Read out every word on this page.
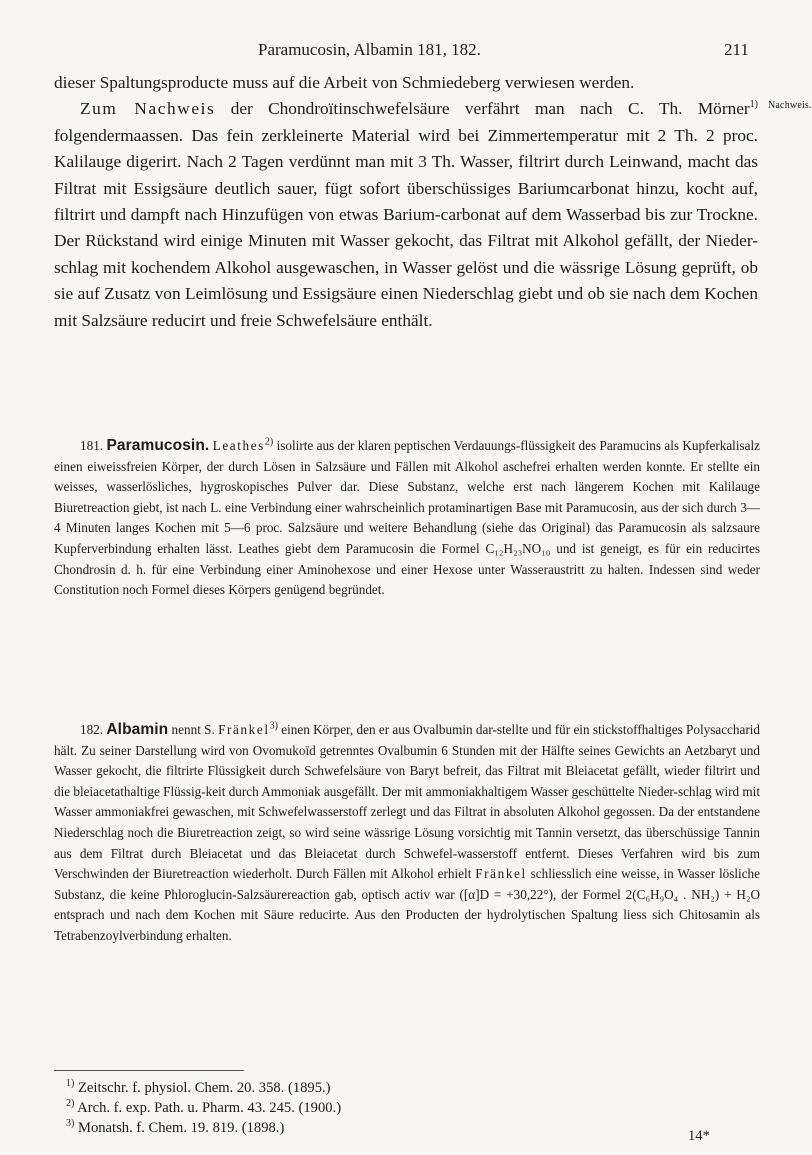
Paramucosin, Albamin 181, 182.	211
Nachweis.

dieser Spaltungsproducte muss auf die Arbeit von Schmiedeberg verwiesen werden.

Zum Nachweis der Chondroïtinschwefelsäure verfährt man nach C. Th. Mörner$^{1)}$ folgendermaassen. Das fein zerkleinerte Material wird bei Zimmertemperatur mit 2 Th. 2 proc. Kalilauge digerirt. Nach 2 Tagen verdünnt man mit 3 Th. Wasser, filtrirt durch Leinwand, macht das Filtrat mit Essigsäure deutlich sauer, fügt sofort überschüssiges Bariumcarbonat hinzu, kocht auf, filtrirt und dampft nach Hinzufügen von etwas Barium-carbonat auf dem Wasserbad bis zur Trockne. Der Rückstand wird einige Minuten mit Wasser gekocht, das Filtrat mit Alkohol gefällt, der Nieder-schlag mit kochendem Alkohol ausgewaschen, in Wasser gelöst und die wässrige Lösung geprüft, ob sie auf Zusatz von Leimlösung und Essigsäure einen Niederschlag giebt und ob sie nach dem Kochen mit Salzsäure reducirt und freie Schwefelsäure enthält.

181. Paramucosin. Leathes$^{2)}$ isolirte aus der klaren peptischen Verdauungs-flüssigkeit des Paramucins als Kupferkalisalz einen eiweissfreien Körper, der durch Lösen in Salzsäure und Fällen mit Alkohol aschefrei erhalten werden konnte. Er stellte ein weisses, wasserlösliches, hygroskopisches Pulver dar. Diese Substanz, welche erst nach längerem Kochen mit Kalilauge Biuretreaction giebt, ist nach L. eine Verbindung einer wahrscheinlich protaminartigen Base mit Paramucosin, aus der sich durch 3—4 Minuten langes Kochen mit 5—6 proc. Salzsäure und weitere Behandlung (siehe das Original) das Paramucosin als salzsaure Kupferverbindung erhalten lässt. Leathes giebt dem Paramucosin die Formel C₁₂H₂₃NO₁₀ und ist geneigt, es für ein reducirtes Chondrosin d. h. für eine Verbindung einer Aminohexose und einer Hexose unter Wasseraustritt zu halten. Indessen sind weder Constitution noch Formel dieses Körpers genügend begründet.
182. Albamin nennt S. Fränkel$^{3)}$ einen Körper, den er aus Ovalbumin dar-stellte und für ein stickstoffhaltiges Polysaccharid hält. Zu seiner Darstellung wird von Ovomukoïd getrenntes Ovalbumin 6 Stunden mit der Hälfte seines Gewichts an Aetzbaryt und Wasser gekocht, die filtrirte Flüssigkeit durch Schwefelsäure von Baryt befreit, das Filtrat mit Bleiacetat gefällt, wieder filtrirt und die bleiacetathaltige Flüssig-keit durch Ammoniak ausgefällt. Der mit ammoniakhaltigem Wasser geschüttelte Nieder-schlag wird mit Wasser ammoniakfrei gewaschen, mit Schwefelwasserstoff zerlegt und das Filtrat in absoluten Alkohol gegossen. Da der entstandene Niederschlag noch die Biuretreaction zeigt, so wird seine wässrige Lösung vorsichtig mit Tannin versetzt, das überschüssige Tannin aus dem Filtrat durch Bleiacetat und das Bleiacetat durch Schwefel-wasserstoff entfernt. Dieses Verfahren wird bis zum Verschwinden der Biuretreaction wiederholt. Durch Fällen mit Alkohol erhielt Fränkel schliesslich eine weisse, in Wasser lösliche Substanz, die keine Phloroglucin-Salzsäurereaction gab, optisch activ war ([α]D = +30,22°), der Formel 2(C₆H₉O₄ . NH₂) + H₂O entsprach und nach dem Kochen mit Säure reducirte. Aus den Producten der hydrolytischen Spaltung liess sich Chitosamin als Tetrabenzoylverbindung erhalten.
$^{1)}$ Zeitschr. f. physiol. Chem. 20. 358. (1895.)
$^{2)}$ Arch. f. exp. Path. u. Pharm. 43. 245. (1900.)
$^{3)}$ Monatsh. f. Chem. 19. 819. (1898.)	14*
